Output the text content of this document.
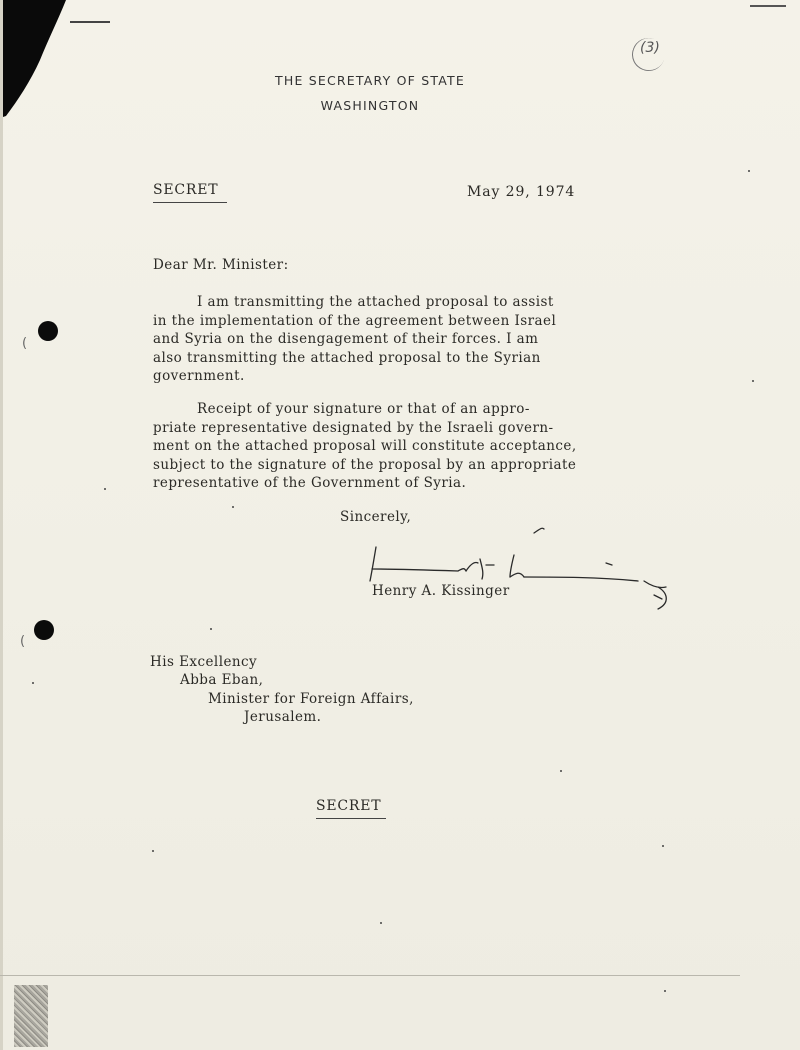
(
(
(3)
THE SECRETARY OF STATE
WASHINGTON
SECRET	May 29, 1974
Dear Mr. Minister:
I am transmitting the attached proposal to assist
in the implementation of the agreement between Israel
and Syria on the disengagement of their forces. I am
also transmitting the attached proposal to the Syrian
government.
Receipt of your signature or that of an appro-
priate representative designated by the Israeli govern-
ment on the attached proposal will constitute acceptance,
subject to the signature of the proposal by an appropriate
representative of the Government of Syria.
Sincerely,
Henry A. Kissinger
His Excellency
Abba Eban,
Minister for Foreign Affairs,
Jerusalem.
SECRET
